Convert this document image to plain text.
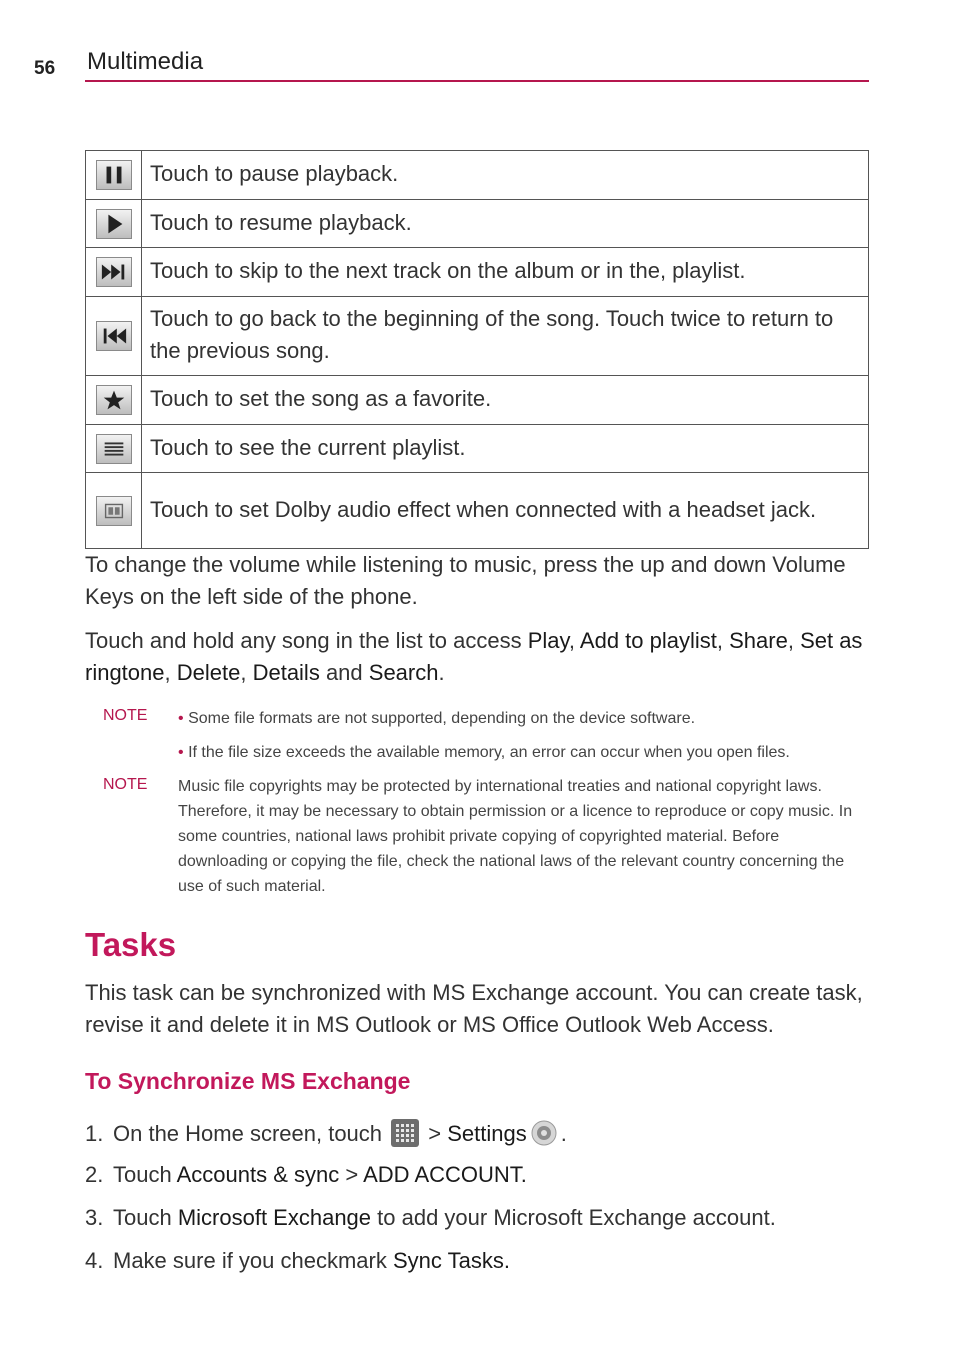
56 Multimedia
	Touch to pause playback.

	Touch to resume playback.

	Touch to skip to the next track on the album or in the, playlist.

	Touch to go back to the beginning of the song. Touch twice to return to the previous song.

	Touch to set the song as a favorite.

	Touch to see the current playlist.

	Touch to set Dolby audio effect when connected with a headset jack.

To change the volume while listening to music, press the up and down Volume Keys on the left side of the phone.

Touch and hold any song in the list to access Play, Add to playlist, Share, Set as ringtone, Delete, Details and Search.

NOTE • Some file formats are not supported, depending on the device software.

• If the file size exceeds the available memory, an error can occur when you open files.

NOTE Music file copyrights may be protected by international treaties and national copyright laws. Therefore, it may be necessary to obtain permission or a licence to reproduce or copy music. In some countries, national laws prohibit private copying of copyrighted material. Before downloading or copying the file, check the national laws of the relevant country concerning the use of such material.

Tasks

This task can be synchronized with MS Exchange account. You can create task, revise it and delete it in MS Outlook or MS Office Outlook Web Access.

To Synchronize MS Exchange

1. On the Home screen, touch
> Settings .

2. Touch Accounts & sync > ADD ACCOUNT.

3. Touch Microsoft Exchange to add your Microsoft Exchange account.

4. Make sure if you checkmark Sync Tasks.
